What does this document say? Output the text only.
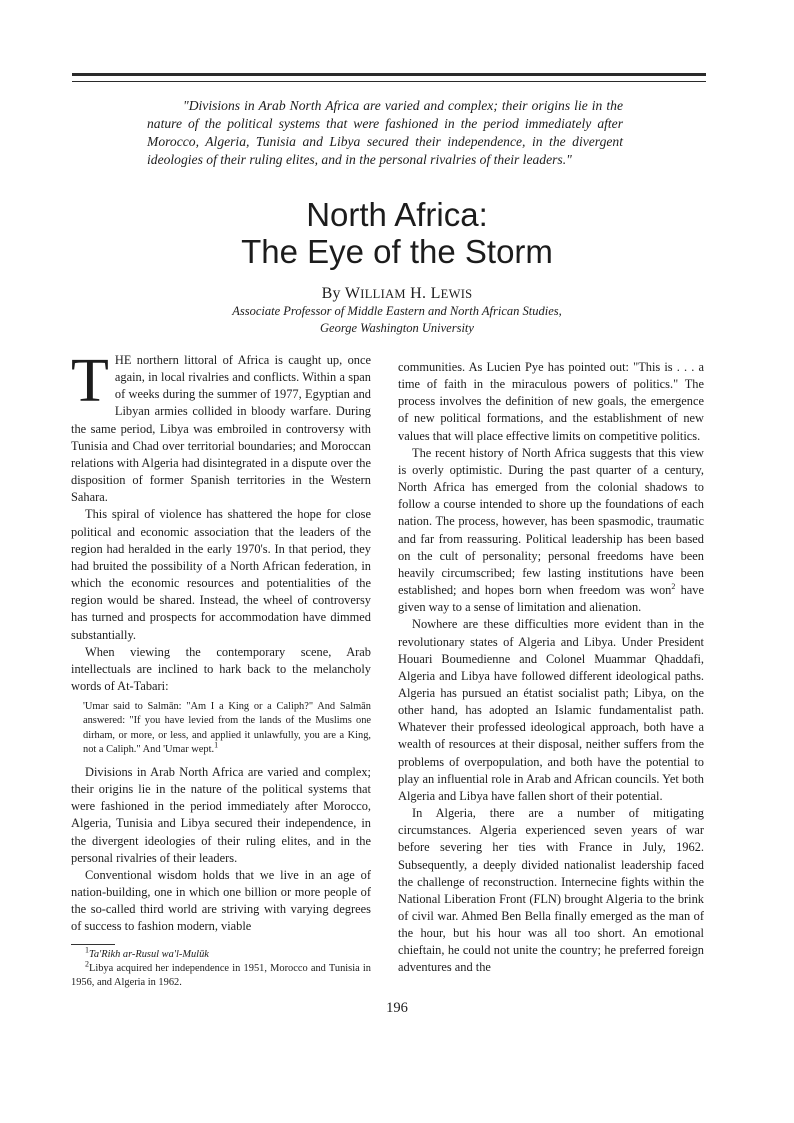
"Divisions in Arab North Africa are varied and complex; their origins lie in the nature of the political systems that were fashioned in the period immediately after Morocco, Algeria, Tunisia and Libya secured their independence, in the divergent ideologies of their ruling elites, and in the personal rivalries of their leaders."
North Africa:
The Eye of the Storm
By WILLIAM H. LEWIS
Associate Professor of Middle Eastern and North African Studies,
George Washington University

THE northern littoral of Africa is caught up, once again, in local rivalries and conflicts. Within a span of weeks during the summer of 1977, Egyptian and Libyan armies collided in bloody warfare. During the same period, Libya was embroiled in controversy with Tunisia and Chad over territorial boundaries; and Moroccan relations with Algeria had disintegrated in a dispute over the disposition of former Spanish territories in the Western Sahara.

This spiral of violence has shattered the hope for close political and economic association that the leaders of the region had heralded in the early 1970's. In that period, they had bruited the possibility of a North African federation, in which the economic resources and potentialities of the region would be shared. Instead, the wheel of controversy has turned and prospects for accommodation have dimmed substantially.

When viewing the contemporary scene, Arab intellectuals are inclined to hark back to the melancholy words of At-Tabari:

'Umar said to Salmān: "Am I a King or a Caliph?" And Salmān answered: "If you have levied from the lands of the Muslims one dirham, or more, or less, and applied it unlawfully, you are a King, not a Caliph." And 'Umar wept.$^1$

Divisions in Arab North Africa are varied and complex; their origins lie in the nature of the political systems that were fashioned in the period immediately after Morocco, Algeria, Tunisia and Libya secured their independence, in the divergent ideologies of their ruling elites, and in the personal rivalries of their leaders.

Conventional wisdom holds that we live in an age of nation-building, one in which one billion or more people of the so-called third world are striving with varying degrees of success to fashion modern, viable

$^1$Ta'Rikh ar-Rusul wa'l-Mulūk

$^2$Libya acquired her independence in 1951, Morocco and Tunisia in 1956, and Algeria in 1962.

communities. As Lucien Pye has pointed out: "This is . . . a time of faith in the miraculous powers of politics." The process involves the definition of new goals, the emergence of new political formations, and the establishment of new values that will place effective limits on competitive politics.

The recent history of North Africa suggests that this view is overly optimistic. During the past quarter of a century, North Africa has emerged from the colonial shadows to follow a course intended to shore up the foundations of each nation. The process, however, has been spasmodic, traumatic and far from reassuring. Political leadership has been based on the cult of personality; personal freedoms have been heavily circumscribed; few lasting institutions have been established; and hopes born when freedom was won$^2$ have given way to a sense of limitation and alienation.

Nowhere are these difficulties more evident than in the revolutionary states of Algeria and Libya. Under President Houari Boumedienne and Colonel Muammar Qhaddafi, Algeria and Libya have followed different ideological paths. Algeria has pursued an étatist socialist path; Libya, on the other hand, has adopted an Islamic fundamentalist path. Whatever their professed ideological approach, both have a wealth of resources at their disposal, neither suffers from the problems of overpopulation, and both have the potential to play an influential role in Arab and African councils. Yet both Algeria and Libya have fallen short of their potential.

In Algeria, there are a number of mitigating circumstances. Algeria experienced seven years of war before severing her ties with France in July, 1962. Subsequently, a deeply divided nationalist leadership faced the challenge of reconstruction. Internecine fights within the National Liberation Front (FLN) brought Algeria to the brink of civil war. Ahmed Ben Bella finally emerged as the man of the hour, but his hour was all too short. An emotional chieftain, he could not unite the country; he preferred foreign adventures and the

196
